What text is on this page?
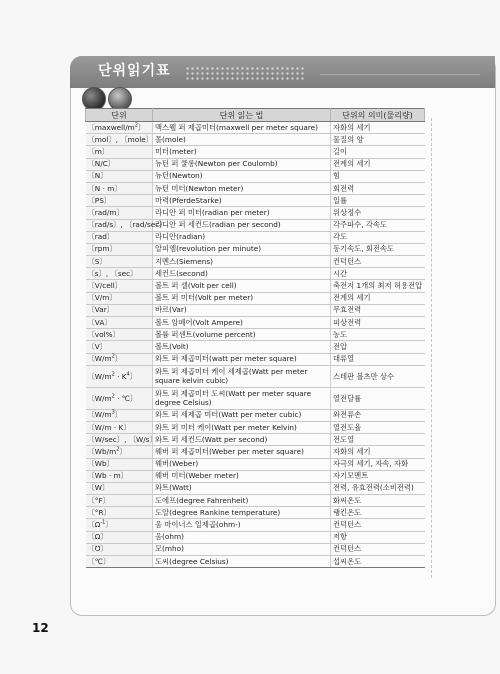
단위읽기표
단위	단위 읽는 법	단위의 의미(물리량)
〔maxwell/$m^2$〕	맥스웰 퍼 제곱미터(maxwell per meter square)	자화의 세기
〔mol〕, 〔mole〕	몰(mole)	물질의 양
〔m〕	미터(meter)	길이
〔N/C〕	뉴턴 퍼 쿨롱(Newton per Coulomb)	전계의 세기
〔N〕	뉴턴(Newton)	힘
〔N · m〕	뉴턴 미터(Newton meter)	회전력
〔PS〕	마력(PferdeStarke)	일률
〔rad/m〕	라디안 퍼 미터(radian per meter)	위상정수
〔rad/s〕, 〔rad/sec〕	라디안 퍼 세컨드(radian per second)	각주파수, 각속도
〔rad〕	라디안(radian)	각도
〔rpm〕	알피엠(revolution per minute)	동기속도, 회전속도
〔S〕	지멘스(Siemens)	컨덕턴스
〔s〕, 〔sec〕	세컨드(second)	시간
〔V/cell〕	볼트 퍼 셀(Volt per cell)	축전지 1개의 최저 허용전압
〔V/m〕	볼트 퍼 미터(Volt per meter)	전계의 세기
〔Var〕	바르(Var)	무효전력
〔VA〕	볼트 암페어(Volt Ampere)	피상전력
〔vol%〕	볼륨 퍼센트(volume percent)	농도
〔V〕	볼트(Volt)	전압
〔$W/m^2$〕	와트 퍼 제곱미터(watt per meter square)	대류열
〔$W/m^2 \cdot K^4$〕	와트 퍼 제곱미터 케이 세제곱(Watt per meter square kelvin cubic)	스테판 볼츠만 상수
〔$W/m^2$ · ℃〕	와트 퍼 제곱미터 도씨(Watt per meter square degree Celsius)	열전달률
〔$W/m^3$〕	와트 퍼 세제곱 미터(Watt per meter cubic)	와전류손
〔W/m · K〕	와트 퍼 미터 케이(Watt per meter Kelvin)	열전도율
〔W/sec〕, 〔W/s〕	와트 퍼 세컨드(Watt per second)	전도열
〔$Wb/m^2$〕	웨버 퍼 제곱미터(Weber per meter square)	자화의 세기
〔Wb〕	웨버(Weber)	자극의 세기, 자속, 자화
〔Wb · m〕	웨버 미터(Weber meter)	자기모멘트
〔W〕	와트(Watt)	전력, 유효전력(소비전력)
〔°F〕	도에프(degree Fahrenheit)	화씨온도
〔°R〕	도알(degree Rankine temperature)	랭킨온도
〔$\Omega^{-1}$〕	옴 마이너스 일제곱(ohm-)	컨덕턴스
〔Ω〕	옴(ohm)	저항
〔℧〕	모(mho)	컨덕턴스
〔℃〕	도씨(degree Celsius)	섭씨온도
12
